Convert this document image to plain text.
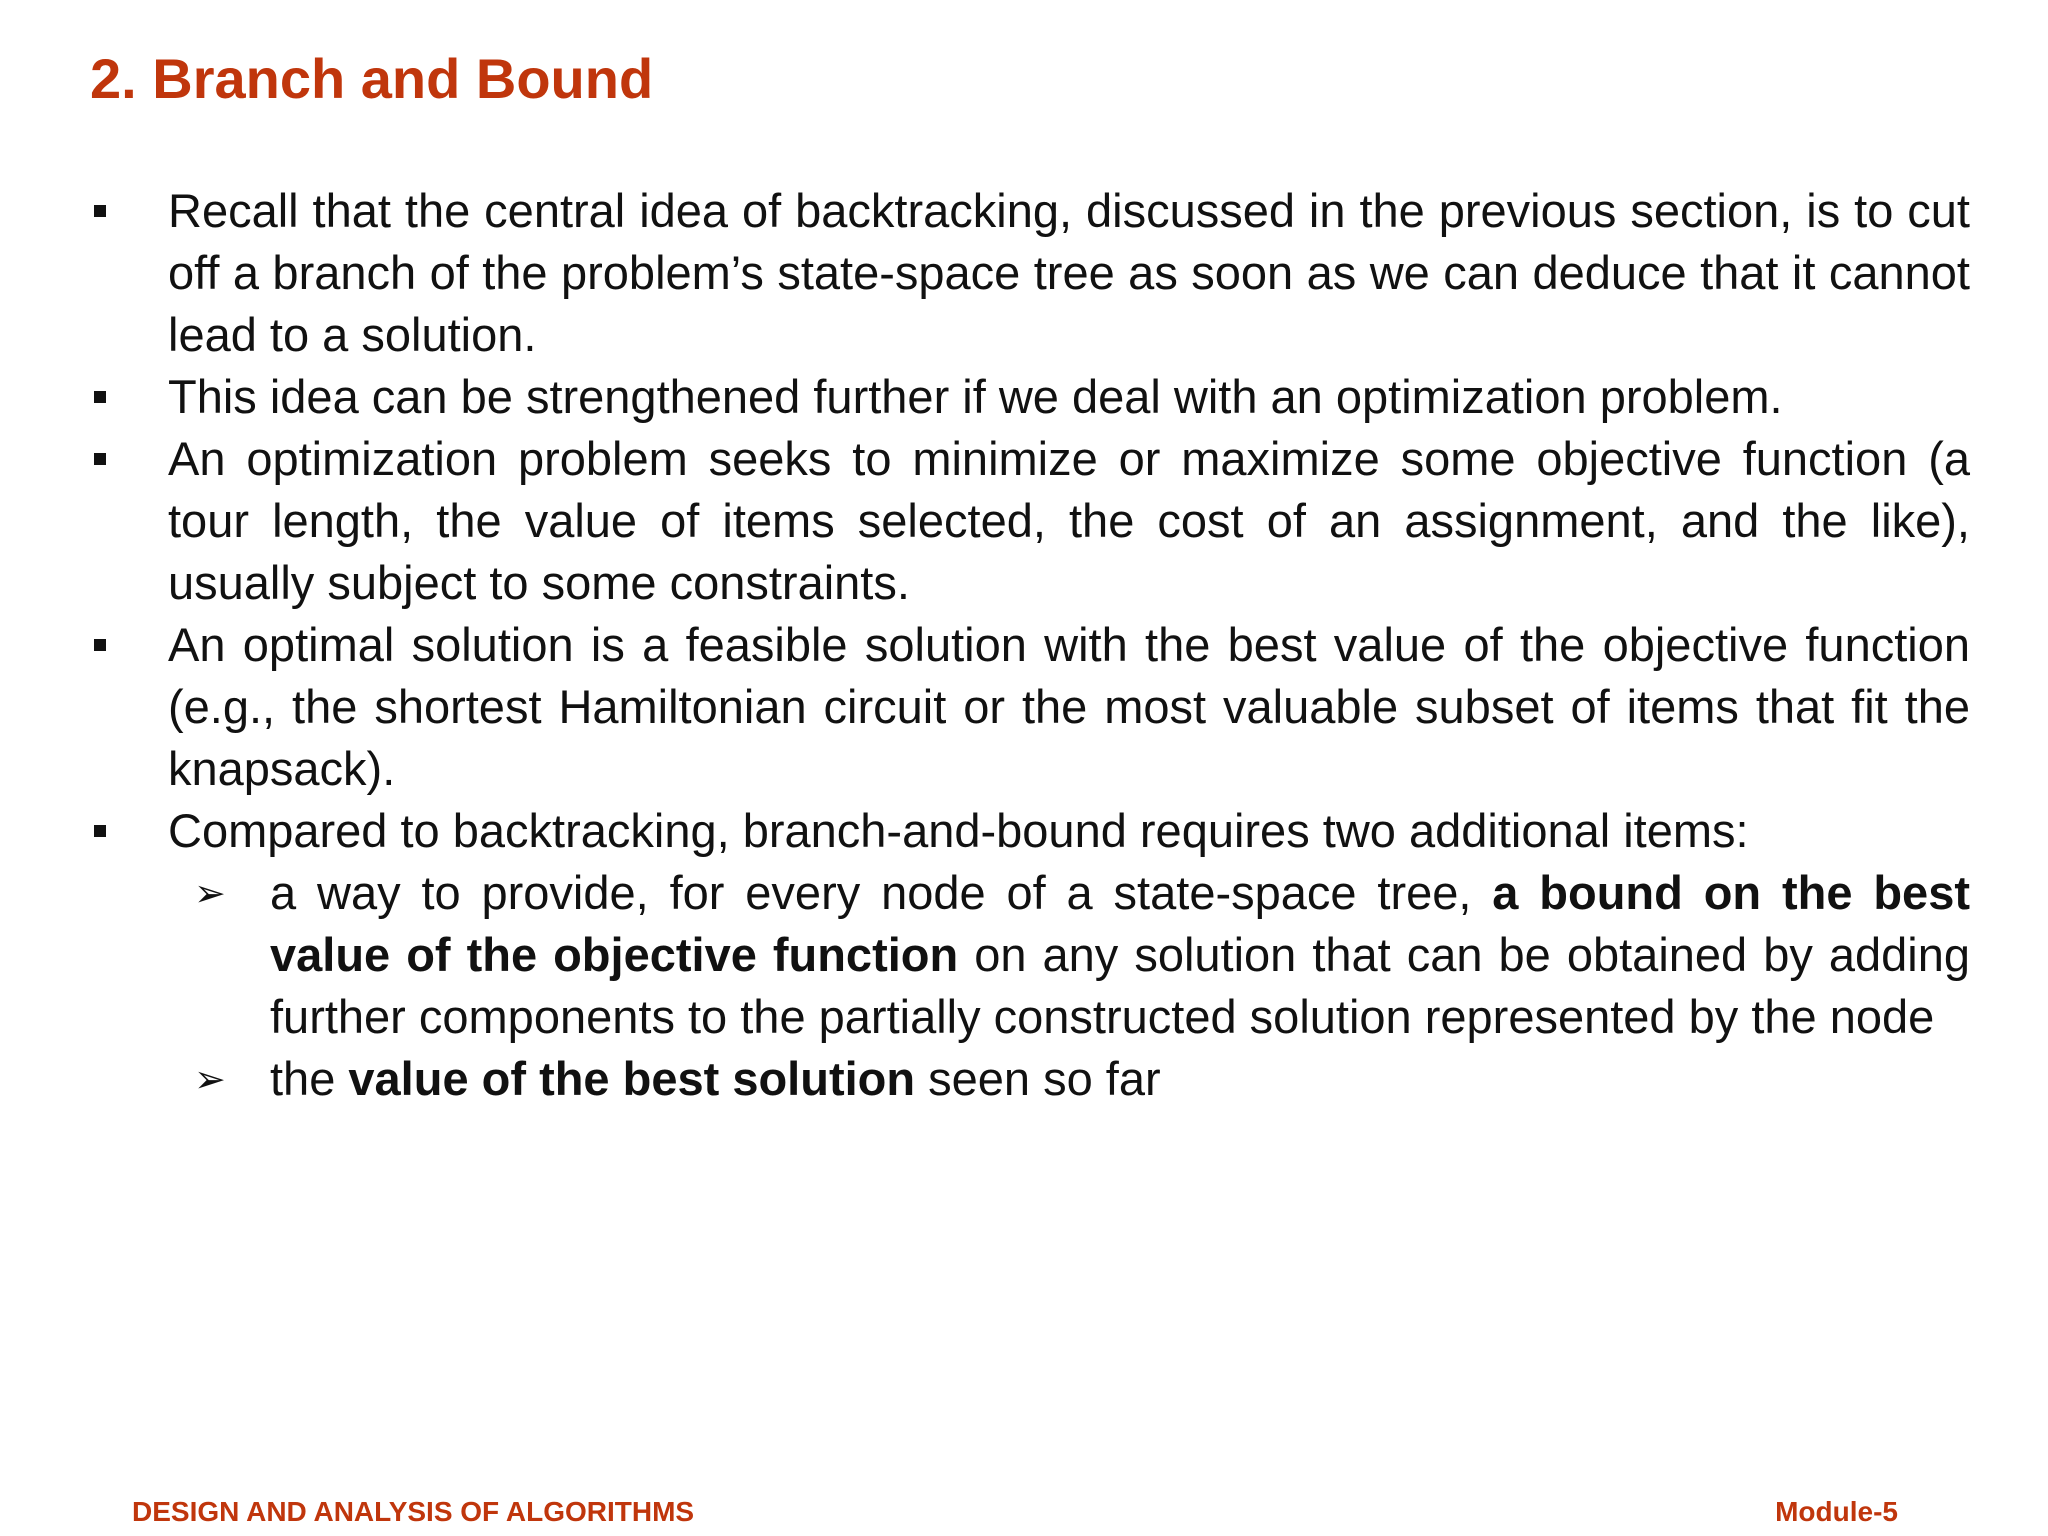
2. Branch and Bound
Recall that the central idea of backtracking, discussed in the previous section, is to cut off a branch of the problem’s state-space tree as soon as we can deduce that it cannot lead to a solution.
This idea can be strengthened further if we deal with an optimization problem.
An optimization problem seeks to minimize or maximize some objective function (a tour length, the value of items selected, the cost of an assignment, and the like), usually subject to some constraints.
An optimal solution is a feasible solution with the best value of the objective function (e.g., the shortest Hamiltonian circuit or the most valuable subset of items that fit the knapsack).
Compared to backtracking, branch-and-bound requires two additional items:
➢ a way to provide, for every node of a state-space tree, a bound on the best value of the objective function on any solution that can be obtained by adding further components to the partially constructed solution represented by the node
➢ the value of the best solution seen so far
DESIGN AND ANALYSIS OF ALGORITHMS	Module-5
